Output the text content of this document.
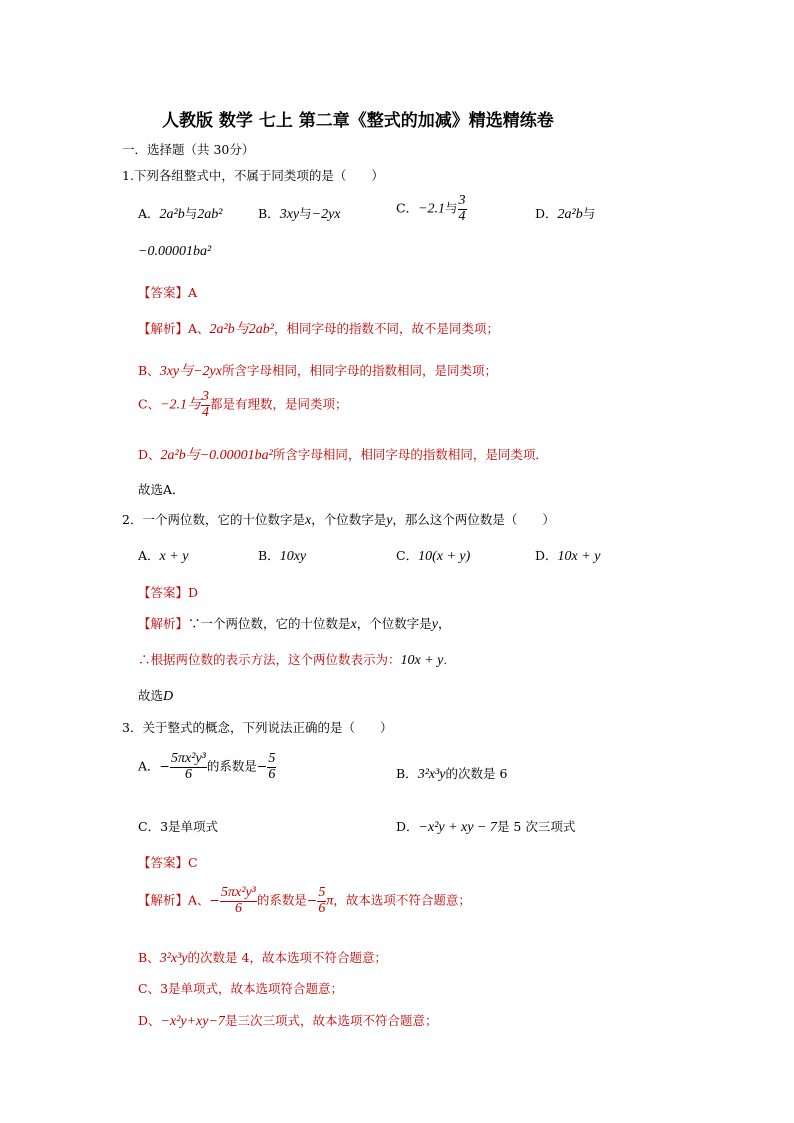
人教版 数学 七上 第二章《整式的加减》精选精练卷
一．选择题（共 30分）
1.下列各组整式中，不属于同类项的是（　　）
A．2a²b与2ab²	B．3xy与−2yx	C．−2.1与 $\frac{3}{4}$	D．2a²b与
−0.00001ba²
【答案】A
【解析】A、2a²b与2ab²，相同字母的指数不同，故不是同类项；
B、3xy与−2yx所含字母相同，相同字母的指数相同，是同类项；
C、−2.1与 $\frac{3}{4}$ 都是有理数，是同类项；
D、2a²b与−0.00001ba²所含字母相同，相同字母的指数相同，是同类项．
故选A．
2．一个两位数，它的十位数字是x，个位数字是y，那么这个两位数是（　　）
A．x + y	B．10xy	C．10(x + y)	D．10x + y
【答案】D
【解析】∵一个两位数，它的十位数是x，个位数字是y，
∴根据两位数的表示方法，这个两位数表示为：10x + y．
故选D
3．关于整式的概念，下列说法正确的是（　　）
A．− $\frac{\text{5πx²y³}}{6}$ 的系数是− $\frac{5}{6}$	B．3²x³y的次数是 6
C．3是单项式	D．−x²y + xy − 7是 5 次三项式
【答案】C
【解析】A、− $\frac{\text{5πx²y³}}{6}$ 的系数是− $\frac{5}{6}$ π，故本选项不符合题意；
B、3²x³y的次数是 4，故本选项不符合题意；
C、3是单项式，故本选项符合题意；
D、−x²y+xy−7是三次三项式，故本选项不符合题意；
